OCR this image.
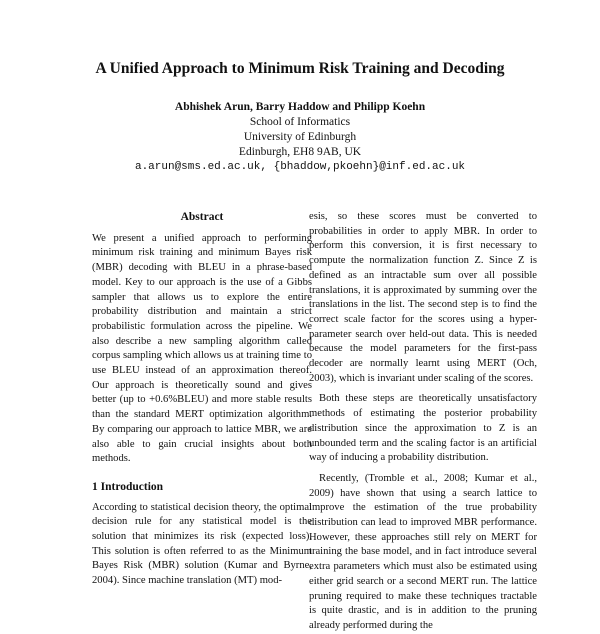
A Unified Approach to Minimum Risk Training and Decoding
Abhishek Arun, Barry Haddow and Philipp Koehn
School of Informatics
University of Edinburgh
Edinburgh, EH8 9AB, UK
a.arun@sms.ed.ac.uk, {bhaddow,pkoehn}@inf.ed.ac.uk
Abstract

We present a unified approach to performing minimum risk training and minimum Bayes risk (MBR) decoding with BLEU in a phrase-based model. Key to our approach is the use of a Gibbs sampler that allows us to explore the entire probability distribution and maintain a strict probabilistic formulation across the pipeline. We also describe a new sampling algorithm called corpus sampling which allows us at training time to use BLEU instead of an approximation thereof. Our approach is theoretically sound and gives better (up to +0.6%BLEU) and more stable results than the standard MERT optimization algorithm. By comparing our approach to lattice MBR, we are also able to gain crucial insights about both methods.

1 Introduction

According to statistical decision theory, the optimal decision rule for any statistical model is the solution that minimizes its risk (expected loss). This solution is often referred to as the Minimum Bayes Risk (MBR) solution (Kumar and Byrne, 2004). Since machine translation (MT) mod-

esis, so these scores must be converted to probabilities in order to apply MBR. In order to perform this conversion, it is first necessary to compute the normalization function Z. Since Z is defined as an intractable sum over all possible translations, it is approximated by summing over the translations in the list. The second step is to find the correct scale factor for the scores using a hyper-parameter search over held-out data. This is needed because the model parameters for the first-pass decoder are normally learnt using MERT (Och, 2003), which is invariant under scaling of the scores.

Both these steps are theoretically unsatisfactory methods of estimating the posterior probability distribution since the approximation to Z is an unbounded term and the scaling factor is an artificial way of inducing a probability distribution.

Recently, (Tromble et al., 2008; Kumar et al., 2009) have shown that using a search lattice to improve the estimation of the true probability distribution can lead to improved MBR performance. However, these approaches still rely on MERT for training the base model, and in fact introduce several extra parameters which must also be estimated using either grid search or a second MERT run. The lattice pruning required to make these techniques tractable is quite drastic, and is in addition to the pruning already performed during the
